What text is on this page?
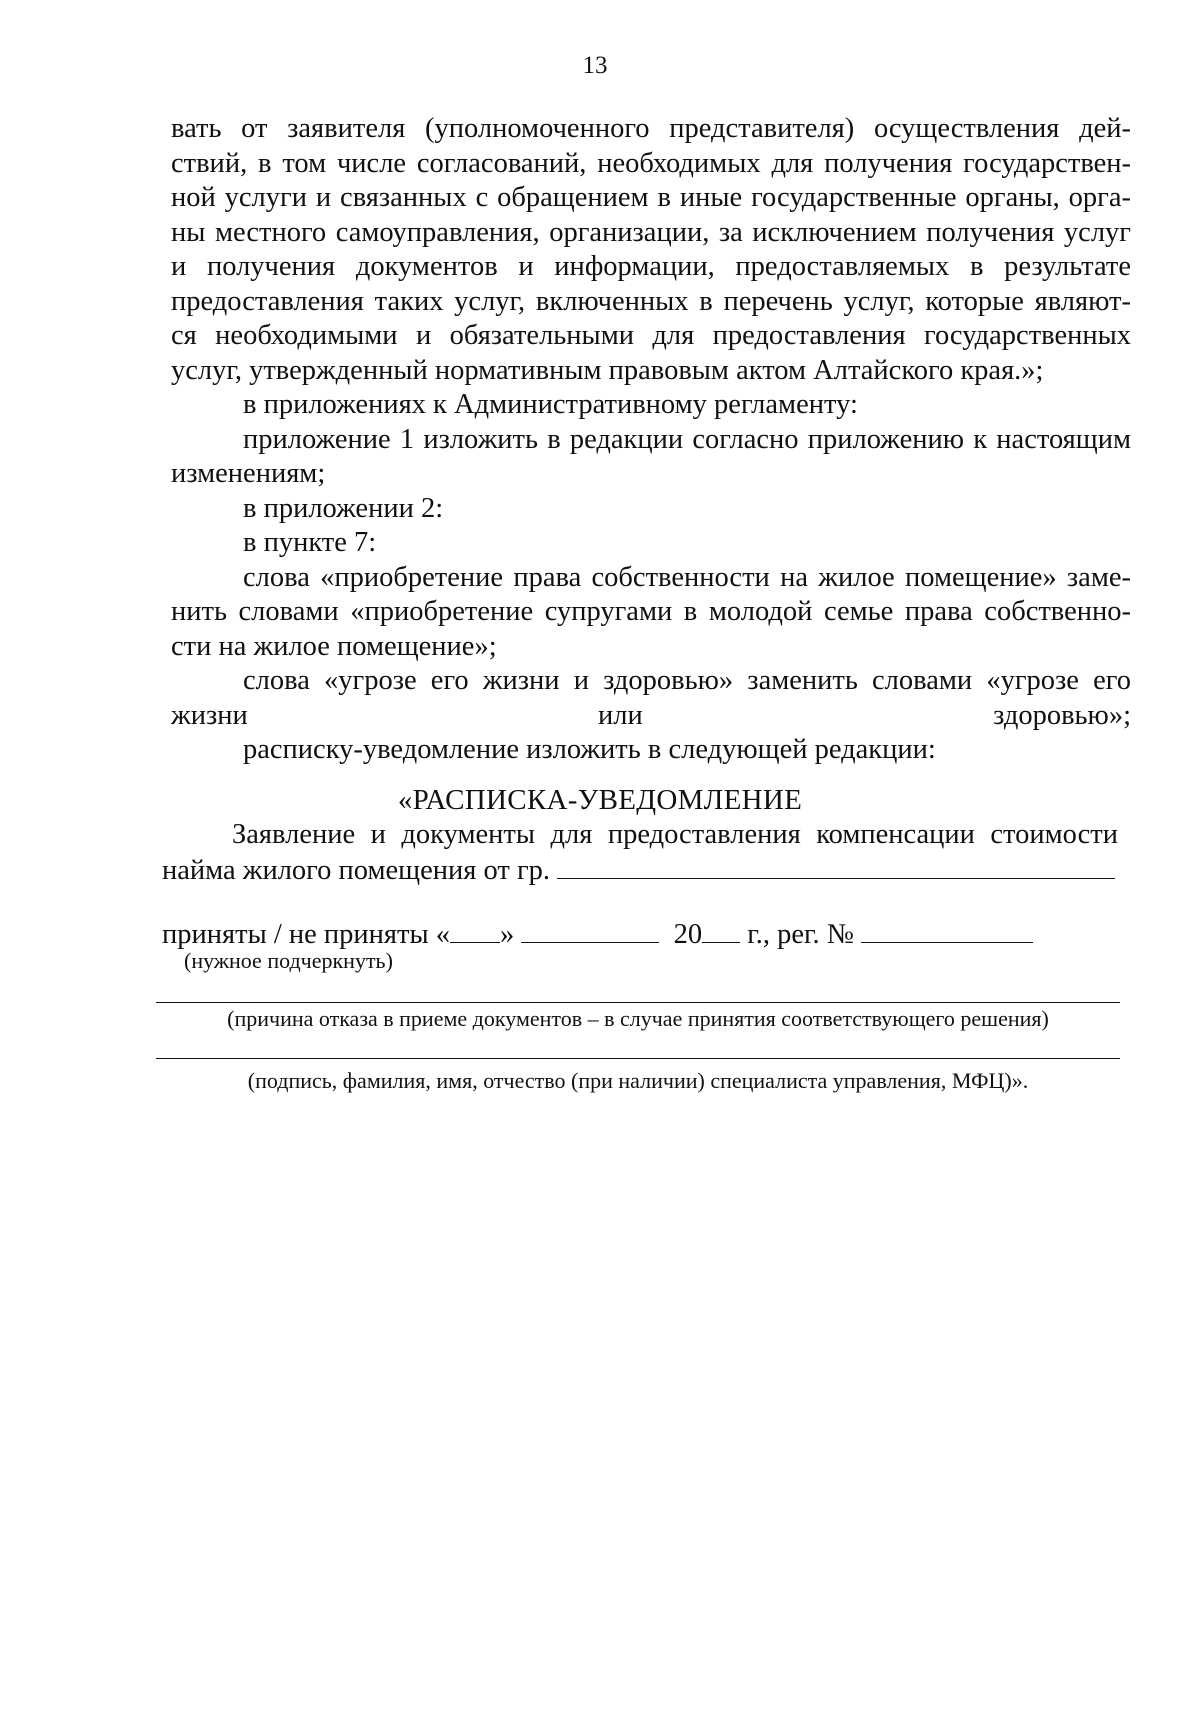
13

вать от заявителя (уполномоченного представителя) осуществления дей-

ствий, в том числе согласований, необходимых для получения государствен-

ной услуги и связанных с обращением в иные государственные органы, орга-

ны местного самоуправления, организации, за исключением получения услуг

и получения документов и информации, предоставляемых в результате

предоставления таких услуг, включенных в перечень услуг, которые являют-

ся необходимыми и обязательными для предоставления государственных

услуг, утвержденный нормативным правовым актом Алтайского края.»;

в приложениях к Административному регламенту:

приложение 1 изложить в редакции согласно приложению к настоящим изменениям;

в приложении 2:

в пункте 7:

слова «приобретение права собственности на жилое помещение» заме-

нить словами «приобретение супругами в молодой семье права собственно-

сти на жилое помещение»;

слова «угрозе его жизни и здоровью» заменить словами «угрозе его жизни или здоровью»;

расписку-уведомление изложить в следующей редакции:

«РАСПИСКА-УВЕДОМЛЕНИЕ

Заявление и документы для предоставления компенсации стоимости

найма жилого помещения от гр.

приняты / не приняты « »	20 г., рег. №
(нужное подчеркнуть)
(причина отказа в приеме документов – в случае принятия соответствующего решения)
(подпись, фамилия, имя, отчество (при наличии) специалиста управления, МФЦ)».
